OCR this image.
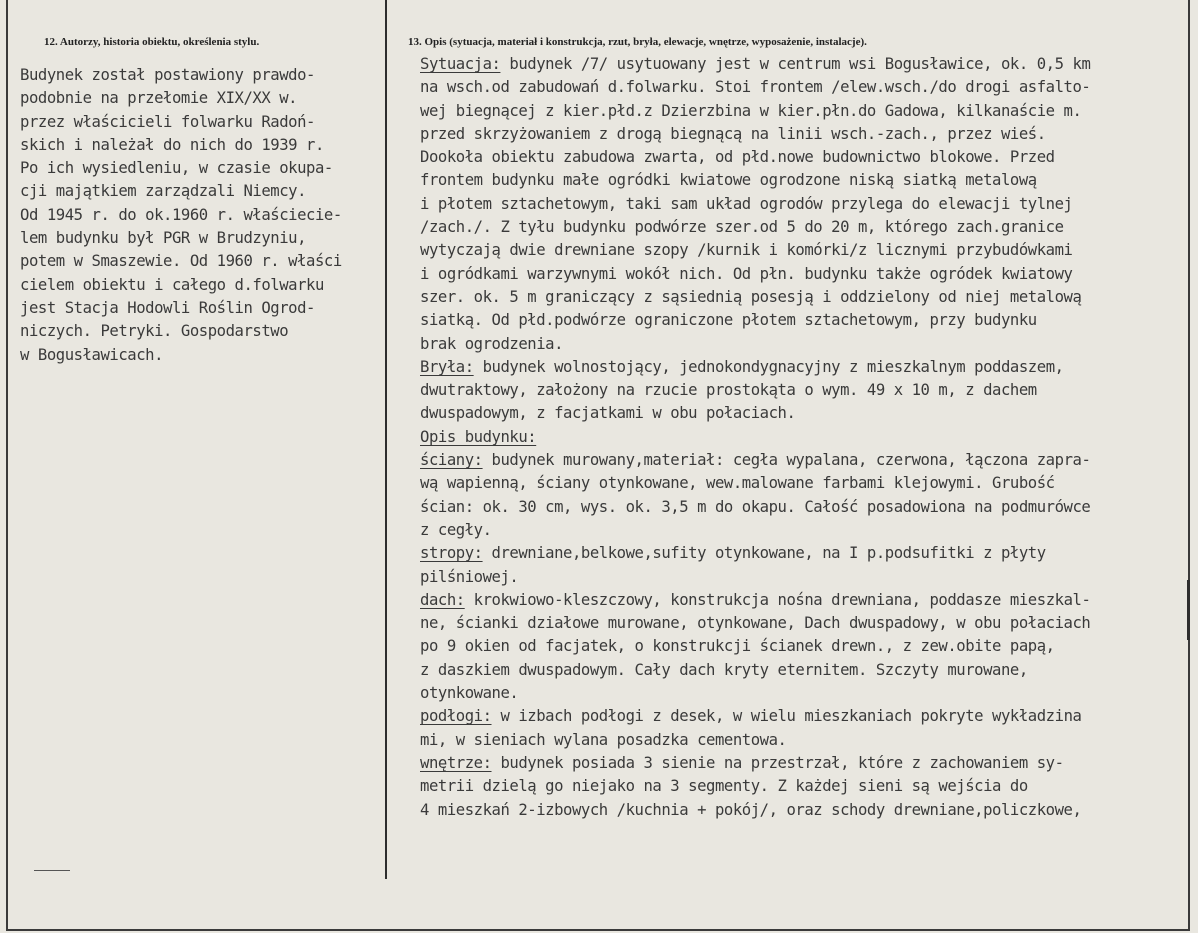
12. Autorzy, historia obiektu, określenia stylu.	13. Opis (sytuacja, materiał i konstrukcja, rzut, bryła, elewacje, wnętrze, wyposażenie, instalacje).
Budynek został postawiony prawdo-
podobnie na przełomie XIX/XX w.
przez właścicieli folwarku Radoń-
skich i należał do nich do 1939 r.
Po ich wysiedleniu, w czasie okupa-
cji majątkiem zarządzali Niemcy.
Od 1945 r. do ok.1960 r. właściecie-
lem budynku był PGR w Brudzyniu,
potem w Smaszewie. Od 1960 r. właści
cielem obiektu i całego d.folwarku
jest Stacja Hodowli Roślin Ogrod-
niczych. Petryki. Gospodarstwo
w Bogusławicach.
Sytuacja: budynek /7/ usytuowany jest w centrum wsi Bogusławice, ok. 0,5 km
na wsch.od zabudowań d.folwarku. Stoi frontem /elew.wsch./do drogi asfalto-
wej biegnącej z kier.płd.z Dzierzbina w kier.płn.do Gadowa, kilkanaście m.
przed skrzyżowaniem z drogą biegnącą na linii wsch.-zach., przez wieś.
Dookoła obiektu zabudowa zwarta, od płd.nowe budownictwo blokowe. Przed
frontem budynku małe ogródki kwiatowe ogrodzone niską siatką metalową
i płotem sztachetowym, taki sam układ ogrodów przylega do elewacji tylnej
/zach./. Z tyłu budynku podwórze szer.od 5 do 20 m, którego zach.granice
wytyczają dwie drewniane szopy /kurnik i komórki/z licznymi przybudówkami
i ogródkami warzywnymi wokół nich. Od płn. budynku także ogródek kwiatowy
szer. ok. 5 m graniczący z sąsiednią posesją i oddzielony od niej metalową
siatką. Od płd.podwórze ograniczone płotem sztachetowym, przy budynku
brak ogrodzenia.
Bryła: budynek wolnostojący, jednokondygnacyjny z mieszkalnym poddaszem,
dwutraktowy, założony na rzucie prostokąta o wym. 49 x 10 m, z dachem
dwuspadowym, z facjatkami w obu połaciach.
Opis budynku:
ściany: budynek murowany,materiał: cegła wypalana, czerwona, łączona zapra-
wą wapienną, ściany otynkowane, wew.malowane farbami klejowymi. Grubość
ścian: ok. 30 cm, wys. ok. 3,5 m do okapu. Całość posadowiona na podmurówce
z cegły.
stropy: drewniane,belkowe,sufity otynkowane, na I p.podsufitki z płyty
pilśniowej.
dach: krokwiowo-kleszczowy, konstrukcja nośna drewniana, poddasze mieszkal-
ne, ścianki działowe murowane, otynkowane, Dach dwuspadowy, w obu połaciach
po 9 okien od facjatek, o konstrukcji ścianek drewn., z zew.obite papą,
z daszkiem dwuspadowym. Cały dach kryty eternitem. Szczyty murowane,
otynkowane.
podłogi: w izbach podłogi z desek, w wielu mieszkaniach pokryte wykładzina
mi, w sieniach wylana posadzka cementowa.
wnętrze: budynek posiada 3 sienie na przestrzał, które z zachowaniem sy-
metrii dzielą go niejako na 3 segmenty. Z każdej sieni są wejścia do
4 mieszkań 2-izbowych /kuchnia + pokój/, oraz schody drewniane,policzkowe,
